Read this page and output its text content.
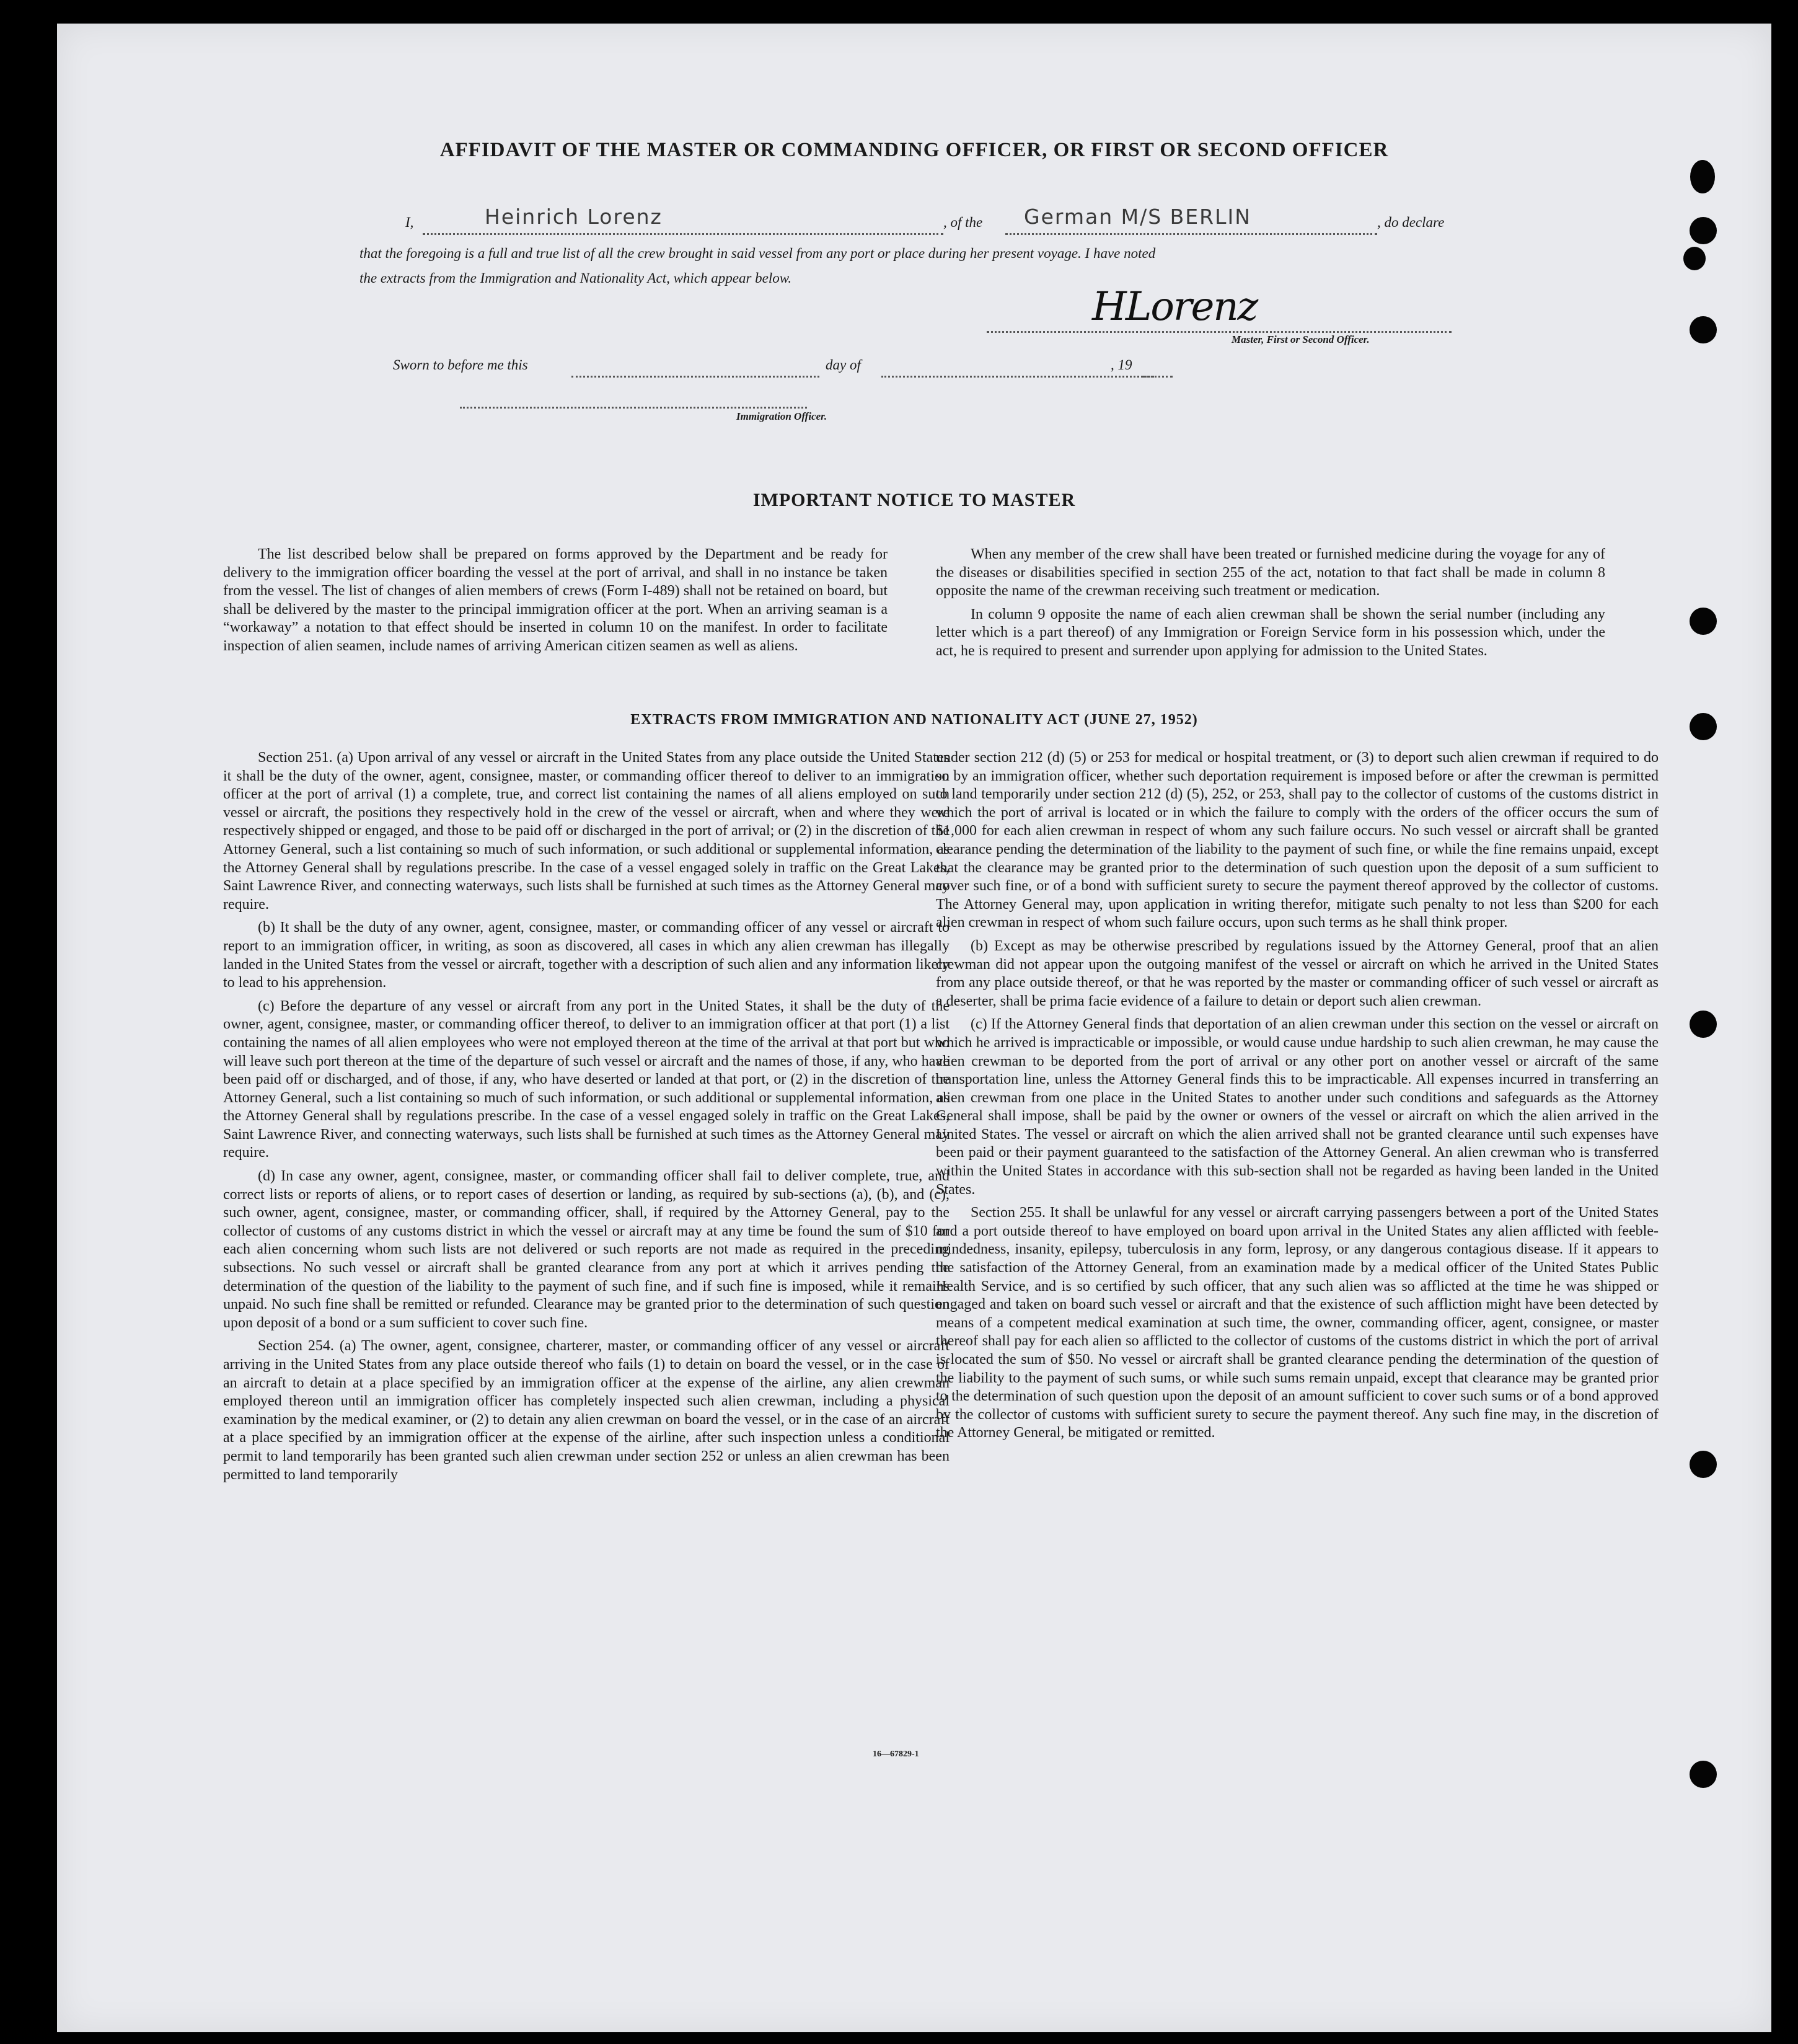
AFFIDAVIT OF THE MASTER OR COMMANDING OFFICER, OR FIRST OR SECOND OFFICER
I,	Heinrich Lorenz	, of the German M/S BERLIN	, do declare
that the foregoing is a full and true list of all the crew brought in said vessel from any port or place during her present voyage. I have noted
the extracts from the Immigration and Nationality Act, which appear below.
HLorenz
Master, First or Second Officer.
Sworn to before me this	day of	, 19
Immigration Officer.
IMPORTANT NOTICE TO MASTER

The list described below shall be prepared on forms approved by the Department and be ready for delivery to the immigration officer boarding the vessel at the port of arrival, and shall in no instance be taken from the vessel. The list of changes of alien members of crews (Form I-489) shall not be retained on board, but shall be delivered by the master to the principal immigration officer at the port. When an arriving seaman is a “workaway” a notation to that effect should be inserted in column 10 on the manifest. In order to facilitate inspection of alien seamen, include names of arriving American citizen seamen as well as aliens.

When any member of the crew shall have been treated or furnished medicine during the voyage for any of the diseases or disabilities specified in section 255 of the act, notation to that fact shall be made in column 8 opposite the name of the crewman receiving such treatment or medication.

In column 9 opposite the name of each alien crewman shall be shown the serial number (including any letter which is a part thereof) of any Immigration or Foreign Service form in his possession which, under the act, he is required to present and surrender upon applying for admission to the United States.

EXTRACTS FROM IMMIGRATION AND NATIONALITY ACT (JUNE 27, 1952)

Section 251. (a) Upon arrival of any vessel or aircraft in the United States from any place outside the United States it shall be the duty of the owner, agent, consignee, master, or commanding officer thereof to deliver to an immigration officer at the port of arrival (1) a complete, true, and correct list containing the names of all aliens employed on such vessel or aircraft, the positions they respectively hold in the crew of the vessel or aircraft, when and where they were respectively shipped or engaged, and those to be paid off or discharged in the port of arrival; or (2) in the discretion of the Attorney General, such a list containing so much of such information, or such additional or supplemental information, as the Attorney General shall by regulations prescribe. In the case of a vessel engaged solely in traffic on the Great Lakes, Saint Lawrence River, and connecting waterways, such lists shall be furnished at such times as the Attorney General may require.

(b) It shall be the duty of any owner, agent, consignee, master, or commanding officer of any vessel or aircraft to report to an immigration officer, in writing, as soon as discovered, all cases in which any alien crewman has illegally landed in the United States from the vessel or aircraft, together with a description of such alien and any information likely to lead to his apprehension.

(c) Before the departure of any vessel or aircraft from any port in the United States, it shall be the duty of the owner, agent, consignee, master, or commanding officer thereof, to deliver to an immigration officer at that port (1) a list containing the names of all alien employees who were not employed thereon at the time of the arrival at that port but who will leave such port thereon at the time of the departure of such vessel or aircraft and the names of those, if any, who have been paid off or discharged, and of those, if any, who have deserted or landed at that port, or (2) in the discretion of the Attorney General, such a list containing so much of such information, or such additional or supplemental information, as the Attorney General shall by regulations prescribe. In the case of a vessel engaged solely in traffic on the Great Lakes, Saint Lawrence River, and connecting waterways, such lists shall be furnished at such times as the Attorney General may require.

(d) In case any owner, agent, consignee, master, or commanding officer shall fail to deliver complete, true, and correct lists or reports of aliens, or to report cases of desertion or landing, as required by sub-sections (a), (b), and (c), such owner, agent, consignee, master, or commanding officer, shall, if required by the Attorney General, pay to the collector of customs of any customs district in which the vessel or aircraft may at any time be found the sum of $10 for each alien concerning whom such lists are not delivered or such reports are not made as required in the preceding subsections. No such vessel or aircraft shall be granted clearance from any port at which it arrives pending the determination of the question of the liability to the payment of such fine, and if such fine is imposed, while it remains unpaid. No such fine shall be remitted or refunded. Clearance may be granted prior to the determination of such question upon deposit of a bond or a sum sufficient to cover such fine.

Section 254. (a) The owner, agent, consignee, charterer, master, or commanding officer of any vessel or aircraft arriving in the United States from any place outside thereof who fails (1) to detain on board the vessel, or in the case of an aircraft to detain at a place specified by an immigration officer at the expense of the airline, any alien crewman employed thereon until an immigration officer has completely inspected such alien crewman, including a physical examination by the medical examiner, or (2) to detain any alien crewman on board the vessel, or in the case of an aircraft at a place specified by an immigration officer at the expense of the airline, after such inspection unless a conditional permit to land temporarily has been granted such alien crewman under section 252 or unless an alien crewman has been permitted to land temporarily

under section 212 (d) (5) or 253 for medical or hospital treatment, or (3) to deport such alien crewman if required to do so by an immigration officer, whether such deportation requirement is imposed before or after the crewman is permitted to land temporarily under section 212 (d) (5), 252, or 253, shall pay to the collector of customs of the customs district in which the port of arrival is located or in which the failure to comply with the orders of the officer occurs the sum of $1,000 for each alien crewman in respect of whom any such failure occurs. No such vessel or aircraft shall be granted clearance pending the determination of the liability to the payment of such fine, or while the fine remains unpaid, except that the clearance may be granted prior to the determination of such question upon the deposit of a sum sufficient to cover such fine, or of a bond with sufficient surety to secure the payment thereof approved by the collector of customs. The Attorney General may, upon application in writing therefor, mitigate such penalty to not less than $200 for each alien crewman in respect of whom such failure occurs, upon such terms as he shall think proper.

(b) Except as may be otherwise prescribed by regulations issued by the Attorney General, proof that an alien crewman did not appear upon the outgoing manifest of the vessel or aircraft on which he arrived in the United States from any place outside thereof, or that he was reported by the master or commanding officer of such vessel or aircraft as a deserter, shall be prima facie evidence of a failure to detain or deport such alien crewman.

(c) If the Attorney General finds that deportation of an alien crewman under this section on the vessel or aircraft on which he arrived is impracticable or impossible, or would cause undue hardship to such alien crewman, he may cause the alien crewman to be deported from the port of arrival or any other port on another vessel or aircraft of the same transportation line, unless the Attorney General finds this to be impracticable. All expenses incurred in transferring an alien crewman from one place in the United States to another under such conditions and safeguards as the Attorney General shall impose, shall be paid by the owner or owners of the vessel or aircraft on which the alien arrived in the United States. The vessel or aircraft on which the alien arrived shall not be granted clearance until such expenses have been paid or their payment guaranteed to the satisfaction of the Attorney General. An alien crewman who is transferred within the United States in accordance with this sub-section shall not be regarded as having been landed in the United States.

Section 255. It shall be unlawful for any vessel or aircraft carrying passengers between a port of the United States and a port outside thereof to have employed on board upon arrival in the United States any alien afflicted with feeble-mindedness, insanity, epilepsy, tuberculosis in any form, leprosy, or any dangerous contagious disease. If it appears to the satisfaction of the Attorney General, from an examination made by a medical officer of the United States Public Health Service, and is so certified by such officer, that any such alien was so afflicted at the time he was shipped or engaged and taken on board such vessel or aircraft and that the existence of such affliction might have been detected by means of a competent medical examination at such time, the owner, commanding officer, agent, consignee, or master thereof shall pay for each alien so afflicted to the collector of customs of the customs district in which the port of arrival is located the sum of $50. No vessel or aircraft shall be granted clearance pending the determination of the question of the liability to the payment of such sums, or while such sums remain unpaid, except that clearance may be granted prior to the determination of such question upon the deposit of an amount sufficient to cover such sums or of a bond approved by the collector of customs with sufficient surety to secure the payment thereof. Any such fine may, in the discretion of the Attorney General, be mitigated or remitted.

16—67829-1
